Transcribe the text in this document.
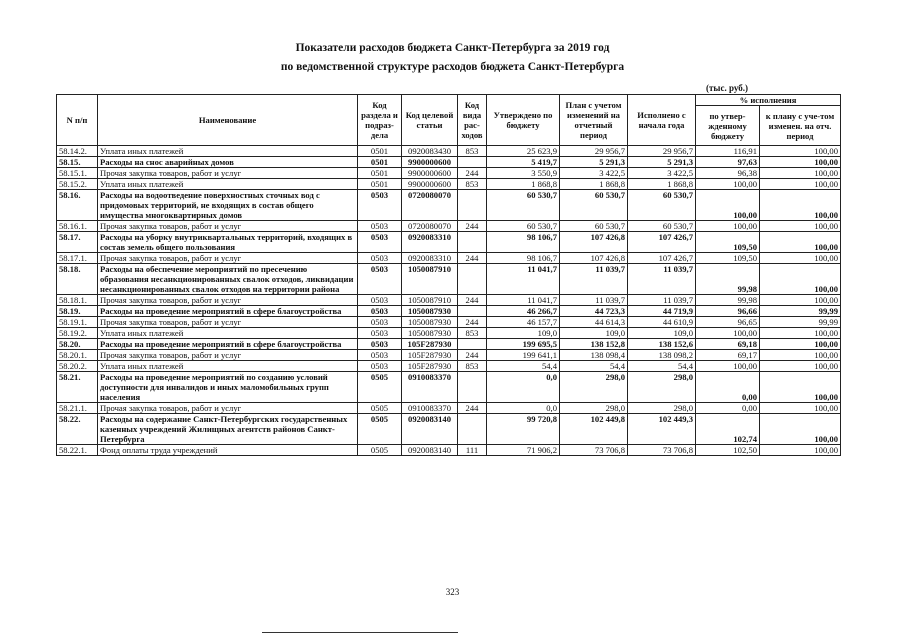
Показатели расходов бюджета Санкт-Петербурга за 2019 год
по ведомственной структуре расходов бюджета Санкт-Петербурга
(тыс. руб.)
N п/п	Наименование	Код раздела и подраз-дела	Код целевой статьи	Код вида рас-ходов	Утверждено по бюджету	План с учетом изменений на отчетный период	Исполнено с начала года	% исполнения	
								по утвер-жденному бюджету	к плану с уче-том изменен. на отч. период
58.14.2.	Уплата иных платежей	0501	0920083430	853	25 623,9	29 956,7	29 956,7	116,91	100,00
58.15.	Расходы на снос аварийных домов	0501	9900000600		5 419,7	5 291,3	5 291,3	97,63	100,00
58.15.1.	Прочая закупка товаров, работ и услуг	0501	9900000600	244	3 550,9	3 422,5	3 422,5	96,38	100,00
58.15.2.	Уплата иных платежей	0501	9900000600	853	1 868,8	1 868,8	1 868,8	100,00	100,00
58.16.	Расходы на водоотведение поверхностных сточных вод с придомовых территорий, не входящих в состав общего имущества многоквартирных домов	0503	0720080070		60 530,7	60 530,7	60 530,7	100,00	100,00
58.16.1.	Прочая закупка товаров, работ и услуг	0503	0720080070	244	60 530,7	60 530,7	60 530,7	100,00	100,00
58.17.	Расходы на уборку внутриквартальных территорий, входящих в состав земель общего пользования	0503	0920083310		98 106,7	107 426,8	107 426,7	109,50	100,00
58.17.1.	Прочая закупка товаров, работ и услуг	0503	0920083310	244	98 106,7	107 426,8	107 426,7	109,50	100,00
58.18.	Расходы на обеспечение мероприятий по пресечению образования несанкционированных свалок отходов, ликвидации несанкционированных свалок отходов на территории района	0503	1050087910		11 041,7	11 039,7	11 039,7	99,98	100,00
58.18.1.	Прочая закупка товаров, работ и услуг	0503	1050087910	244	11 041,7	11 039,7	11 039,7	99,98	100,00
58.19.	Расходы на проведение мероприятий в сфере благоустройства	0503	1050087930		46 266,7	44 723,3	44 719,9	96,66	99,99
58.19.1.	Прочая закупка товаров, работ и услуг	0503	1050087930	244	46 157,7	44 614,3	44 610,9	96,65	99,99
58.19.2.	Уплата иных платежей	0503	1050087930	853	109,0	109,0	109,0	100,00	100,00
58.20.	Расходы на проведение мероприятий в сфере благоустройства	0503	105F287930		199 695,5	138 152,8	138 152,6	69,18	100,00
58.20.1.	Прочая закупка товаров, работ и услуг	0503	105F287930	244	199 641,1	138 098,4	138 098,2	69,17	100,00
58.20.2.	Уплата иных платежей	0503	105F287930	853	54,4	54,4	54,4	100,00	100,00
58.21.	Расходы на проведение мероприятий по созданию условий доступности для инвалидов и иных маломобильных групп населения	0505	0910083370		0,0	298,0	298,0	0,00	100,00
58.21.1.	Прочая закупка товаров, работ и услуг	0505	0910083370	244	0,0	298,0	298,0	0,00	100,00
58.22.	Расходы на содержание Санкт-Петербургских государственных казенных учреждений Жилищных агентств районов Санкт-Петербурга	0505	0920083140		99 720,8	102 449,8	102 449,3	102,74	100,00
58.22.1.	Фонд оплаты труда учреждений	0505	0920083140	111	71 906,2	73 706,8	73 706,8	102,50	100,00
323
